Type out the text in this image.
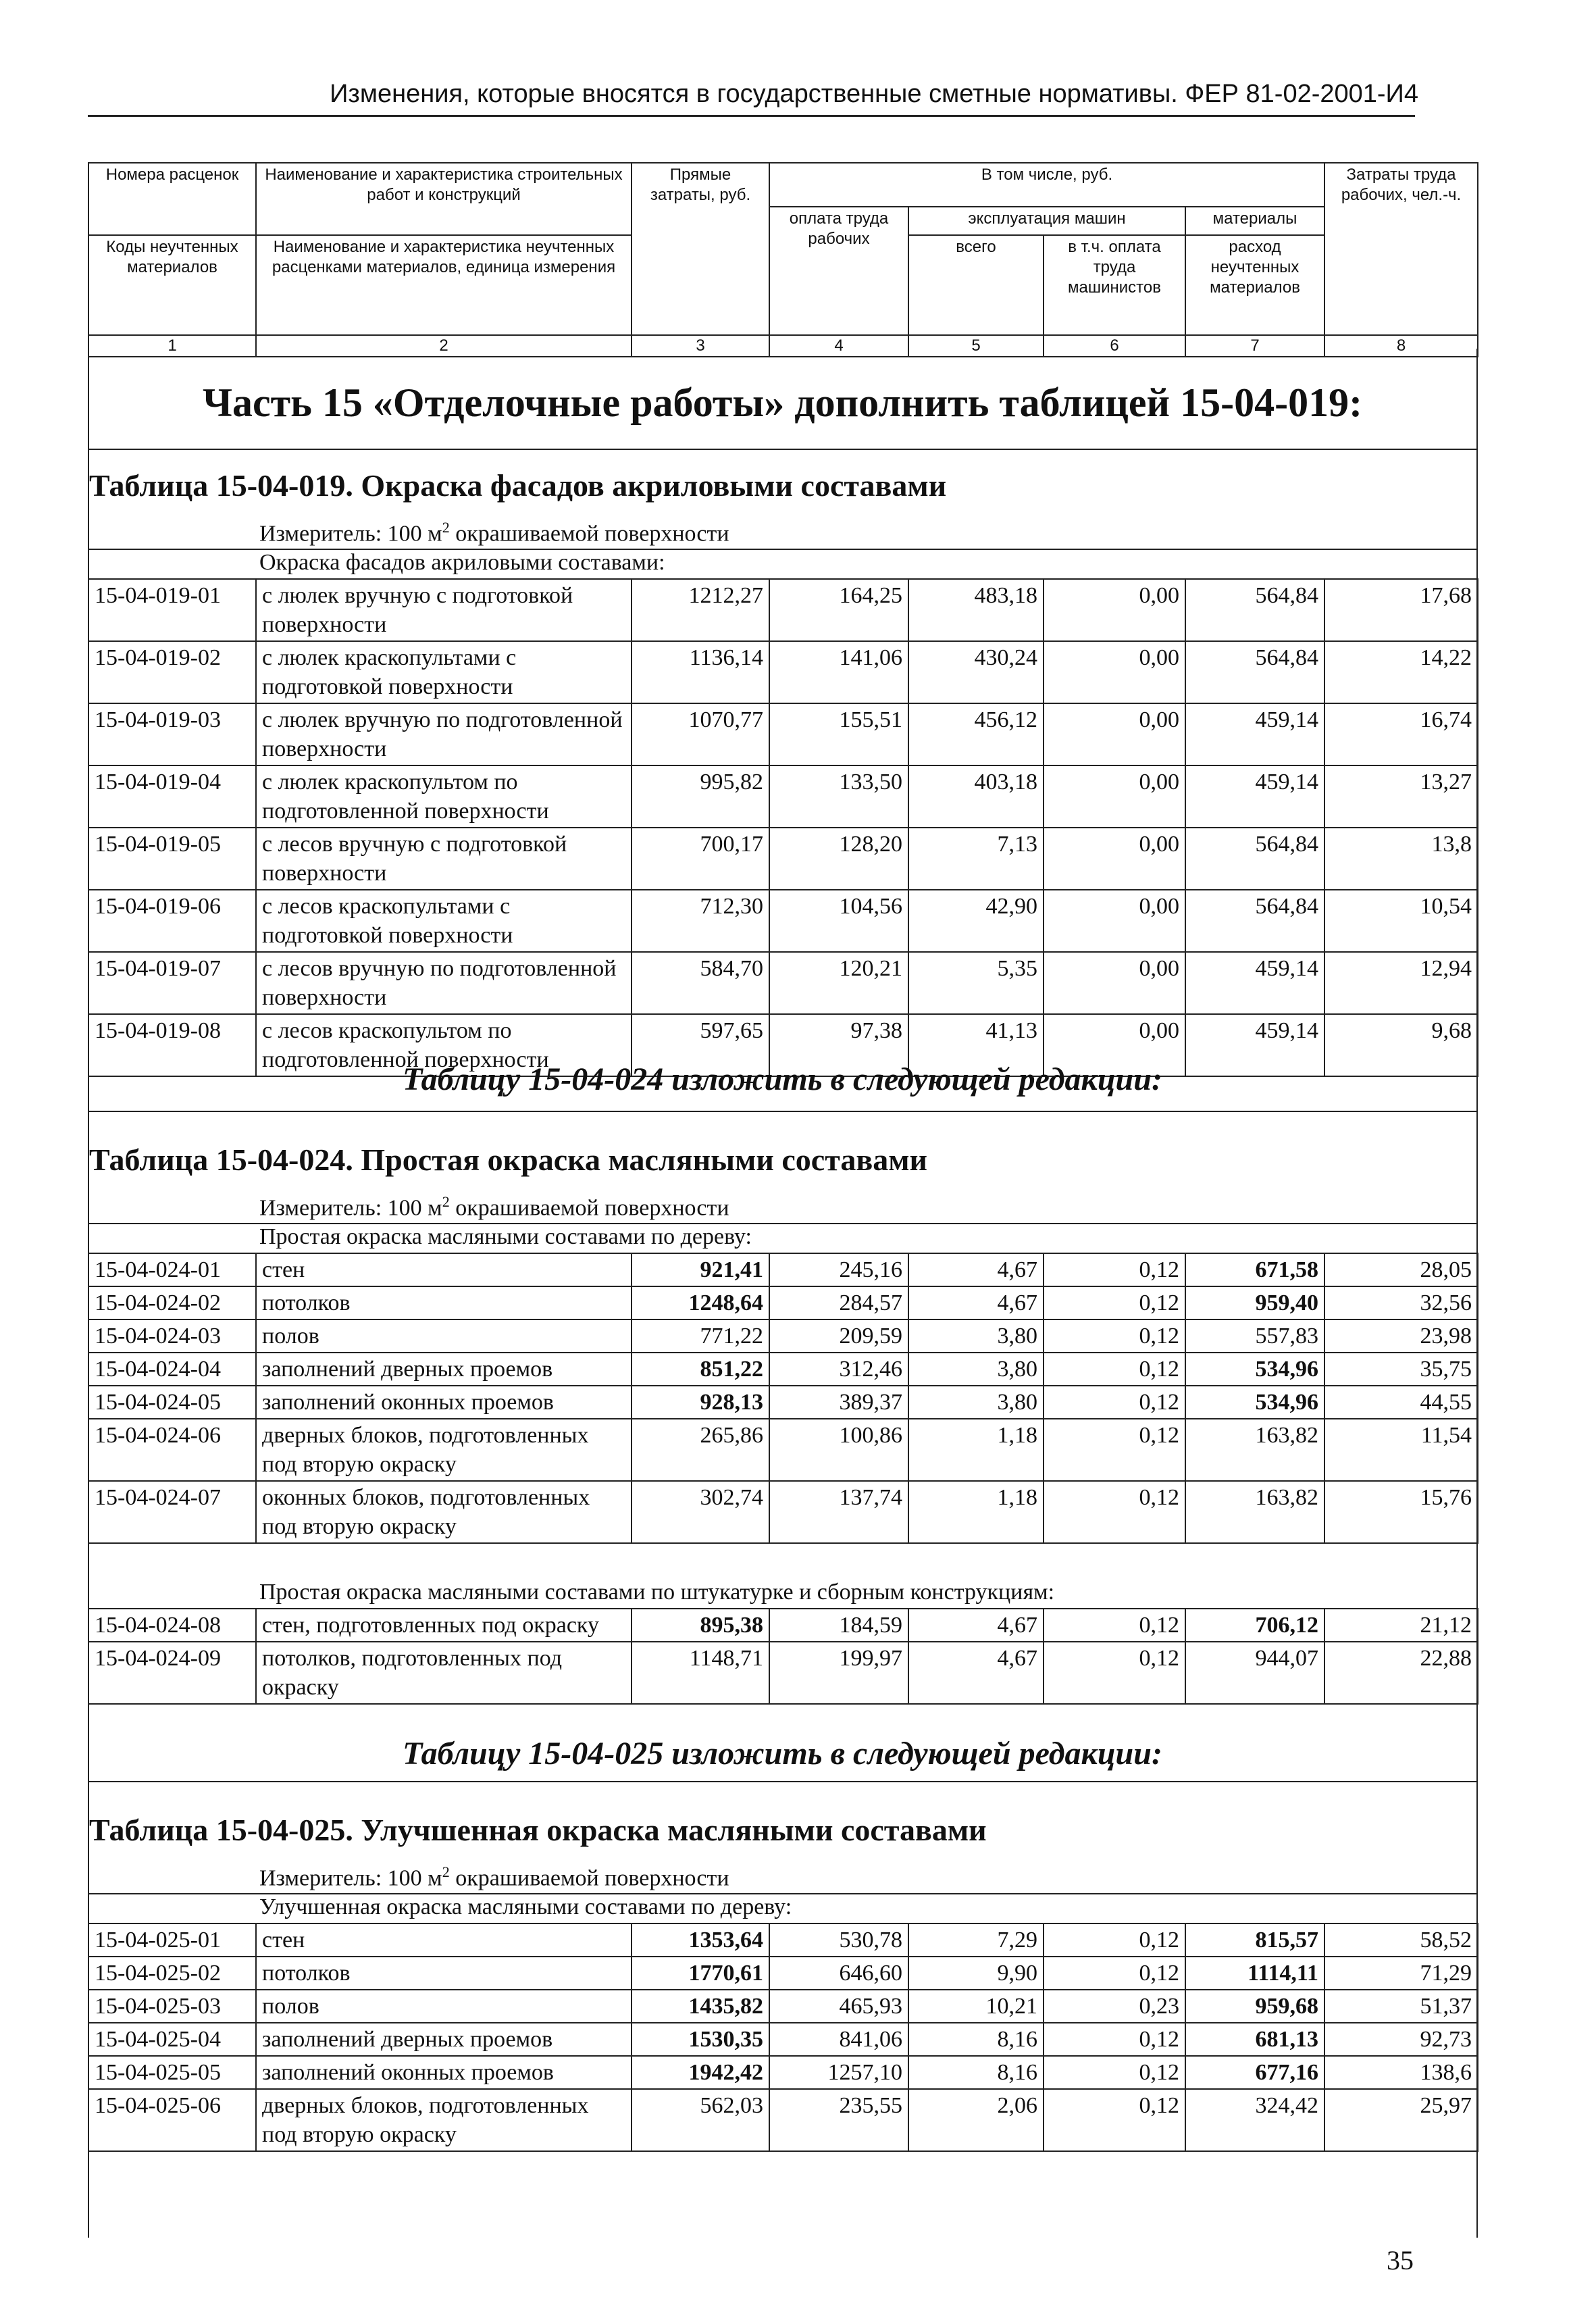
Изменения, которые вносятся в государственные сметные нормативы. ФЕР 81-02-2001-И4
Номера расценок	Наименование и характеристика строительных работ и конструкций	Прямые затраты, руб.	В том числе, руб.				Затраты труда рабочих, чел.-ч.
			оплата труда рабочих	эксплуатация машин		материалы	
Коды неучтенных материалов	Наименование и характеристика неучтенных расценками материалов, единица измерения			всего	в т.ч. оплата труда машинистов	расход неучтенных материалов	

1	2	3	4	5	6	7	8
Часть 15 «Отделочные работы» дополнить таблицей 15-04-019:
Таблица 15-04-019. Окраска фасадов акриловыми составами
Измеритель: 100 $м^2$ окрашиваемой поверхности
Окраска фасадов акриловыми составами:
15-04-019-01	с люлек вручную с подготовкой поверхности	1212,27	164,25	483,18	0,00	564,84	17,68
15-04-019-02	с люлек краскопультами с подготовкой поверхности	1136,14	141,06	430,24	0,00	564,84	14,22
15-04-019-03	с люлек вручную по подготовленной поверхности	1070,77	155,51	456,12	0,00	459,14	16,74
15-04-019-04	с люлек краскопультом по подготовленной поверхности	995,82	133,50	403,18	0,00	459,14	13,27
15-04-019-05	с лесов вручную с подготовкой поверхности	700,17	128,20	7,13	0,00	564,84	13,8
15-04-019-06	с лесов краскопультами с подготовкой поверхности	712,30	104,56	42,90	0,00	564,84	10,54
15-04-019-07	с лесов вручную по подготовленной поверхности	584,70	120,21	5,35	0,00	459,14	12,94
15-04-019-08	с лесов краскопультом по подготовленной поверхности	597,65	97,38	41,13	0,00	459,14	9,68
Таблицу 15-04-024 изложить в следующей редакции:
Таблица 15-04-024. Простая окраска масляными составами
Измеритель: 100 $м^2$ окрашиваемой поверхности
Простая окраска масляными составами по дереву:
15-04-024-01	стен	921,41	245,16	4,67	0,12	671,58	28,05
15-04-024-02	потолков	1248,64	284,57	4,67	0,12	959,40	32,56
15-04-024-03	полов	771,22	209,59	3,80	0,12	557,83	23,98
15-04-024-04	заполнений дверных проемов	851,22	312,46	3,80	0,12	534,96	35,75
15-04-024-05	заполнений оконных проемов	928,13	389,37	3,80	0,12	534,96	44,55
15-04-024-06	дверных блоков, подготовленных под вторую окраску	265,86	100,86	1,18	0,12	163,82	11,54
15-04-024-07	оконных блоков, подготовленных под вторую окраску	302,74	137,74	1,18	0,12	163,82	15,76
Простая окраска масляными составами по штукатурке и сборным конструкциям:
15-04-024-08	стен, подготовленных под окраску	895,38	184,59	4,67	0,12	706,12	21,12
15-04-024-09	потолков, подготовленных под окраску	1148,71	199,97	4,67	0,12	944,07	22,88
Таблицу 15-04-025 изложить в следующей редакции:
Таблица 15-04-025. Улучшенная окраска масляными составами
Измеритель: 100 $м^2$ окрашиваемой поверхности
Улучшенная окраска масляными составами по дереву:
15-04-025-01	стен	1353,64	530,78	7,29	0,12	815,57	58,52
15-04-025-02	потолков	1770,61	646,60	9,90	0,12	1114,11	71,29
15-04-025-03	полов	1435,82	465,93	10,21	0,23	959,68	51,37
15-04-025-04	заполнений дверных проемов	1530,35	841,06	8,16	0,12	681,13	92,73
15-04-025-05	заполнений оконных проемов	1942,42	1257,10	8,16	0,12	677,16	138,6
15-04-025-06	дверных блоков, подготовленных под вторую окраску	562,03	235,55	2,06	0,12	324,42	25,97
35
